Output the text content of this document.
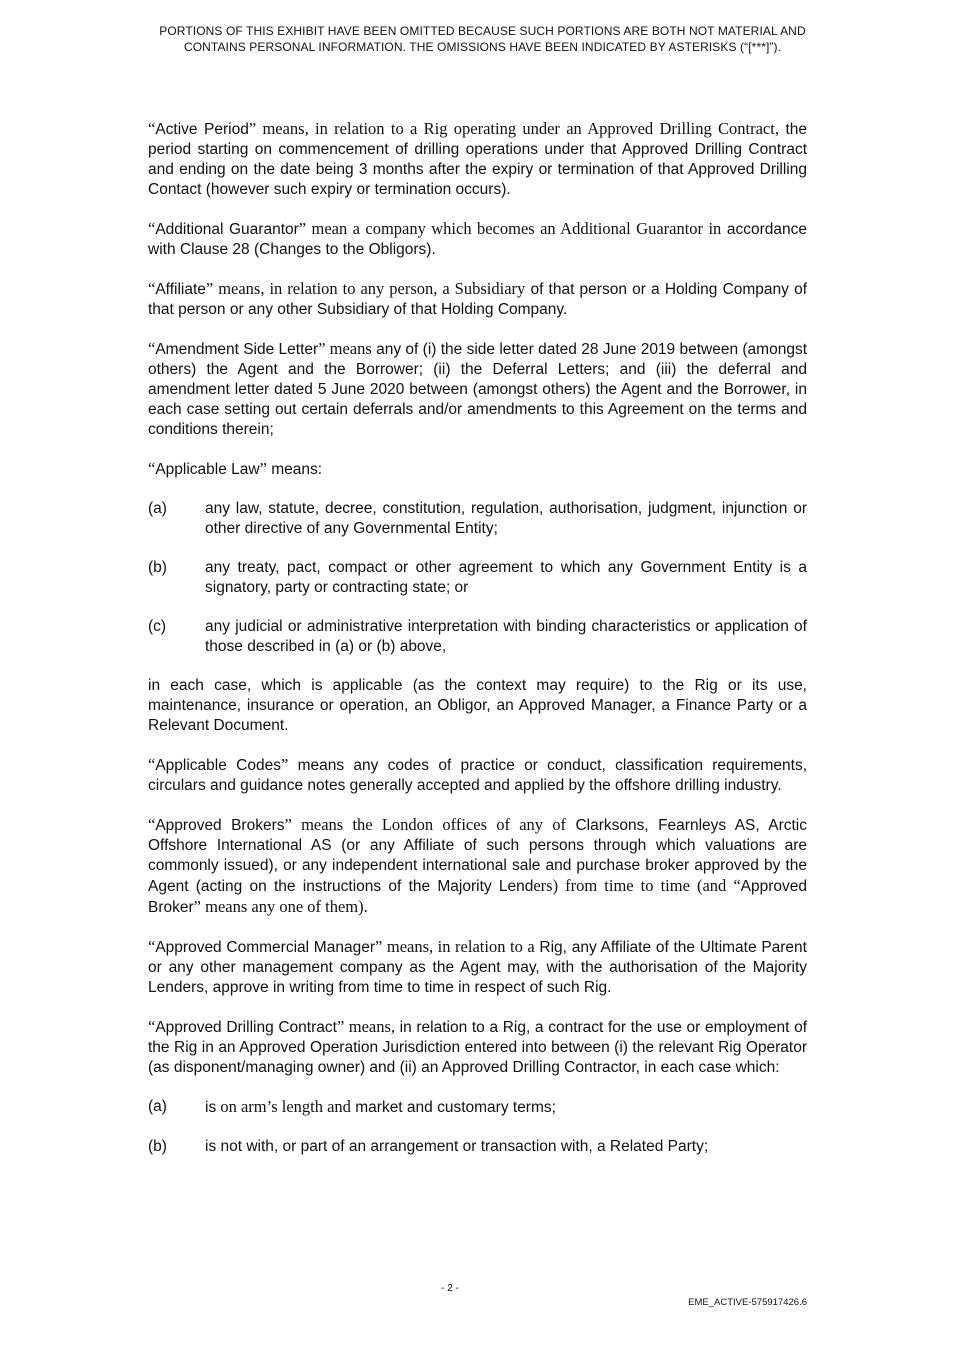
PORTIONS OF THIS EXHIBIT HAVE BEEN OMITTED BECAUSE SUCH PORTIONS ARE BOTH NOT MATERIAL AND
CONTAINS PERSONAL INFORMATION. THE OMISSIONS HAVE BEEN INDICATED BY ASTERISKS (“[***]”).

“Active Period” means, in relation to a Rig operating under an Approved Drilling Contract, the period starting on commencement of drilling operations under that Approved Drilling Contract and ending on the date being 3 months after the expiry or termination of that Approved Drilling Contact (however such expiry or termination occurs).

“Additional Guarantor” mean a company which becomes an Additional Guarantor in accordance with Clause 28 (Changes to the Obligors).

“Affiliate” means, in relation to any person, a Subsidiary of that person or a Holding Company of that person or any other Subsidiary of that Holding Company.

“Amendment Side Letter” means any of (i) the side letter dated 28 June 2019 between (amongst others) the Agent and the Borrower; (ii) the Deferral Letters; and (iii) the deferral and amendment letter dated 5 June 2020 between (amongst others) the Agent and the Borrower, in each case setting out certain deferrals and/or amendments to this Agreement on the terms and conditions therein;

“Applicable Law” means:

(a)	any law, statute, decree, constitution, regulation, authorisation, judgment, injunction or other directive of any Governmental Entity;
(b)	any treaty, pact, compact or other agreement to which any Government Entity is a signatory, party or contracting state; or
(c)	any judicial or administrative interpretation with binding characteristics or application of those described in (a) or (b) above,

in each case, which is applicable (as the context may require) to the Rig or its use, maintenance, insurance or operation, an Obligor, an Approved Manager, a Finance Party or a Relevant Document.

“Applicable Codes” means any codes of practice or conduct, classification requirements, circulars and guidance notes generally accepted and applied by the offshore drilling industry.

“Approved Brokers” means the London offices of any of Clarksons, Fearnleys AS, Arctic Offshore International AS (or any Affiliate of such persons through which valuations are commonly issued), or any independent international sale and purchase broker approved by the Agent (acting on the instructions of the Majority Lenders) from time to time (and “Approved Broker” means any one of them).

“Approved Commercial Manager” means, in relation to a Rig, any Affiliate of the Ultimate Parent or any other management company as the Agent may, with the authorisation of the Majority Lenders, approve in writing from time to time in respect of such Rig.

“Approved Drilling Contract” means, in relation to a Rig, a contract for the use or employment of the Rig in an Approved Operation Jurisdiction entered into between (i) the relevant Rig Operator (as disponent/managing owner) and (ii) an Approved Drilling Contractor, in each case which:

(a)	is on arm’s length and market and customary terms;
(b)	is not with, or part of an arrangement or transaction with, a Related Party;
- 2 -
EME_ACTIVE-575917426.6
